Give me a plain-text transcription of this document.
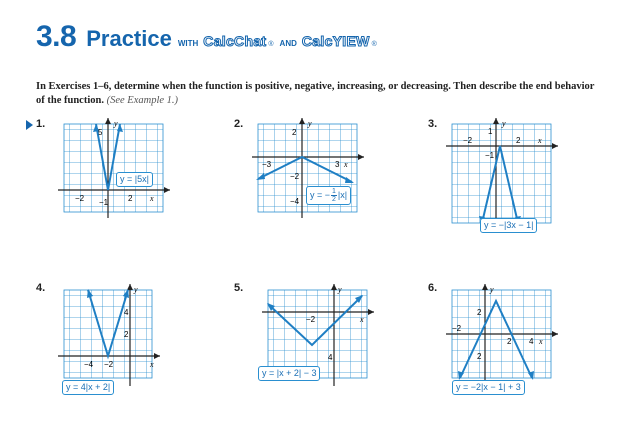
3.8 Practice WITH CalcChat ® AND CalcYIEW ®
In Exercises 1–6, determine when the function is positive, negative, increasing, or decreasing. Then describe the end behavior of the function. (See Example 1.)
1.
5
y
−2 −1 2 x
y = |5x|
2.
2
y
−3	3 x
−2
−4
y = − $\frac{1}{2} |x|$
3.
1
y
−2	2 x
−1
y = −|3x − 1|
4.	y
4
2
−4 −2	x
y = 4|x + 2|
5.	y
−2	x
4
y = |x + 2| − 3
6.	y
2
−2
2 4 x
2
y = −2|x − 1| + 3
